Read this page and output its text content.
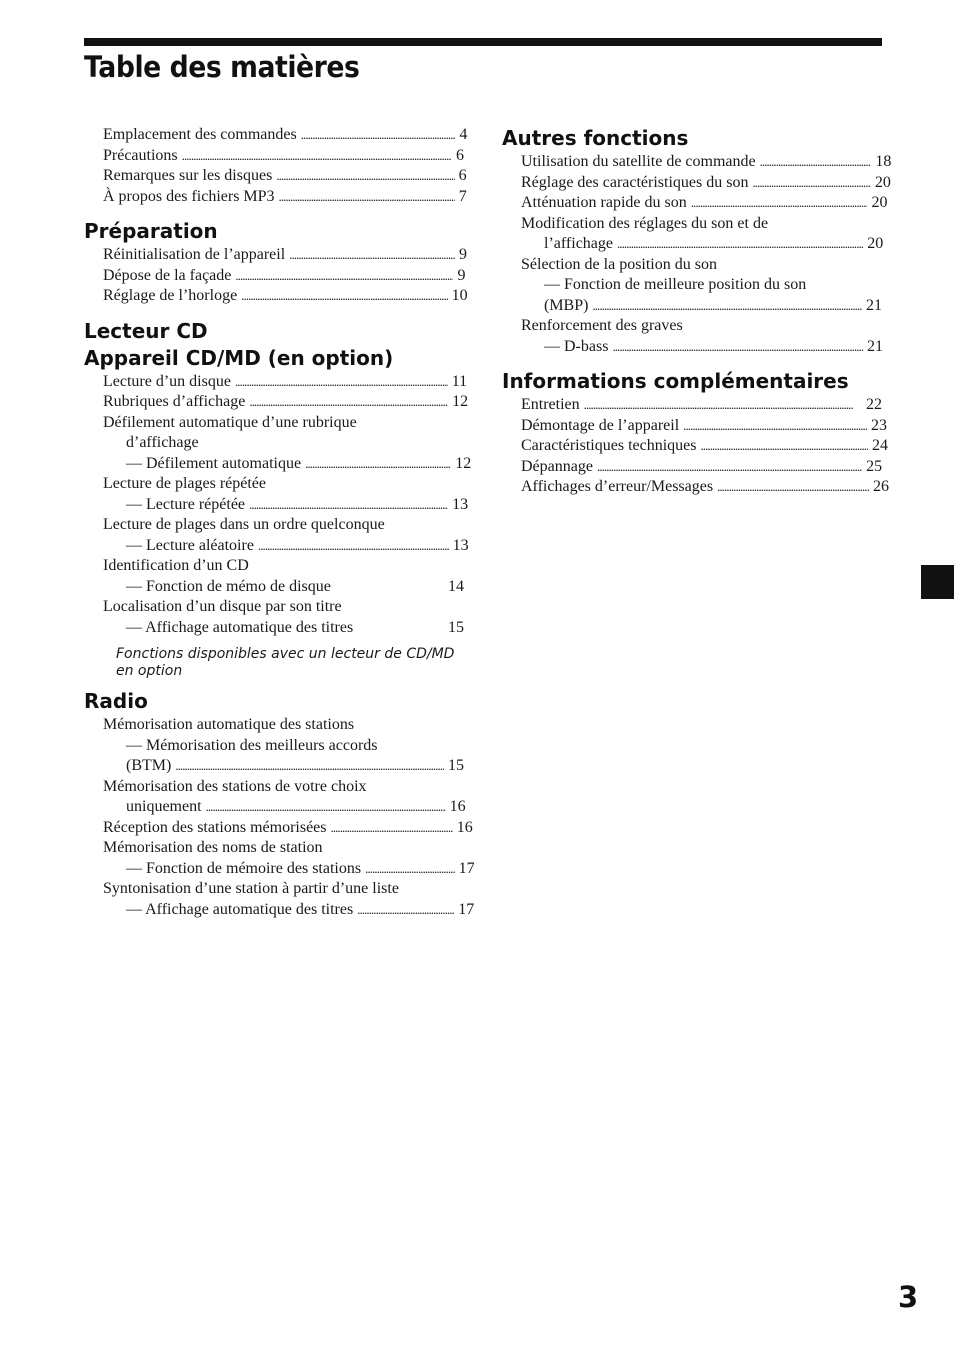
Table des matières
Emplacement des commandes . . .	4
Précautions . . .	6
Remarques sur les disques . . .	6
À propos des fichiers MP3 . . .	7
Préparation
Réinitialisation de l’appareil . . .	9
Dépose de la façade . . .	9
Réglage de l’horloge . . .	10
Lecteur CD
Appareil CD/MD (en option)
Lecture d’un disque . . .	11
Rubriques d’affichage . . .	12
Défilement automatique d’une rubrique
d’affichage
— Défilement automatique . . .	12
Lecture de plages répétée
— Lecture répétée . . .	13
Lecture de plages dans un ordre quelconque
— Lecture aléatoire . . .	13
Identification d’un CD
— Fonction de mémo de disque	14
Localisation d’un disque par son titre
— Affichage automatique des titres	15
Fonctions disponibles avec un lecteur de CD/MD en option
Radio
Mémorisation automatique des stations
— Mémorisation des meilleurs accords
(BTM) . . .	15
Mémorisation des stations de votre choix
uniquement . . .	16
Réception des stations mémorisées . . .	16
Mémorisation des noms de station
— Fonction de mémoire des stations . . .	17
Syntonisation d’une station à partir d’une liste
— Affichage automatique des titres . . .	17
Autres fonctions
Utilisation du satellite de commande . . .	18
Réglage des caractéristiques du son . . .	20
Atténuation rapide du son . . .	20
Modification des réglages du son et de
l’affichage . . .	20
Sélection de la position du son
— Fonction de meilleure position du son
(MBP) . . .	21
Renforcement des graves
— D-bass . . .	21
Informations complémentaires
Entretien . . .	22
Démontage de l’appareil . . .	23
Caractéristiques techniques . . .	24
Dépannage . . .	25
Affichages d’erreur/Messages . . .	26
3
